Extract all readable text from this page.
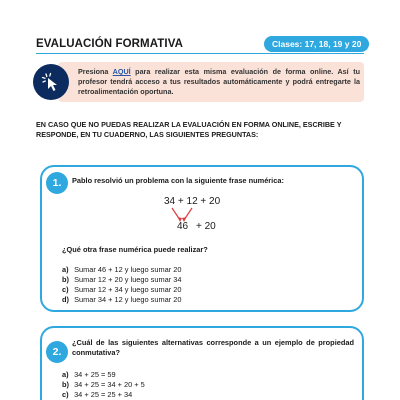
EVALUACIÓN FORMATIVA	Clases: 17, 18, 19 y 20
Presiona AQUÍ para realizar esta misma evaluación de forma online. Así tu profesor tendrá acceso a tus resultados automáticamente y podrá entregarte la retroalimentación oportuna.
EN CASO QUE NO PUEDAS REALIZAR LA EVALUACIÓN EN FORMA ONLINE, ESCRIBE Y RESPONDE, EN TU CUADERNO, LAS SIGUIENTES PREGUNTAS:
1.	Pablo resolvió un problema con la siguiente frase numérica:
34 + 12 + 20
46 + 20
¿Qué otra frase numérica puede realizar?
a) Sumar 46 + 12 y luego sumar 20
b) Sumar 12 + 20 y luego sumar 34
c) Sumar 12 + 34 y luego sumar 20
d) Sumar 34 + 12 y luego sumar 20
2.
¿Cuál de las siguientes alternativas corresponde a un ejemplo de propiedad conmutativa?
a) 34 + 25 = 59
b) 34 + 25 = 34 + 20 + 5
c) 34 + 25 = 25 + 34
